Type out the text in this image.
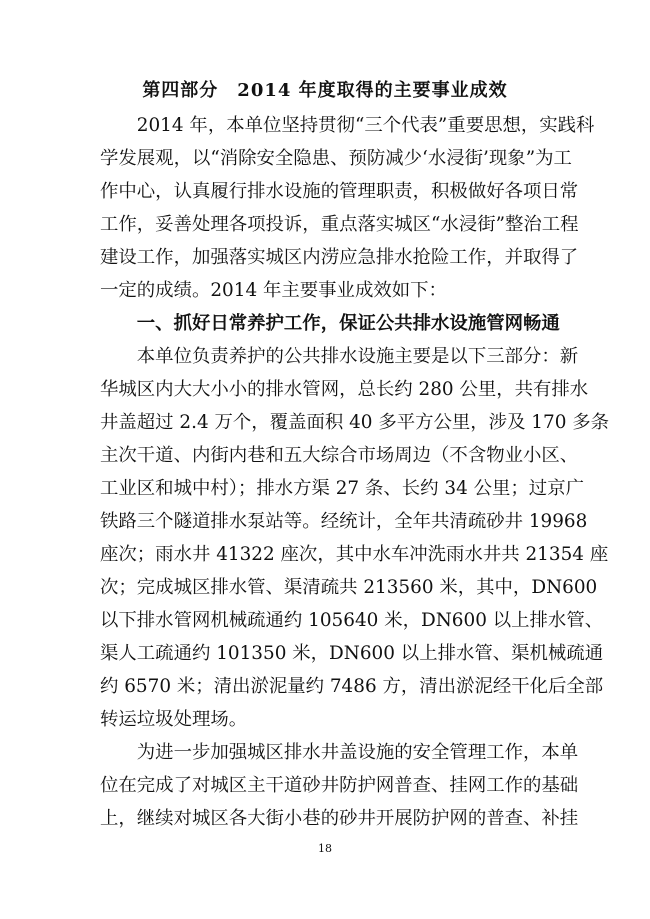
第四部分　2014 年度取得的主要事业成效
　　2014 年，本单位坚持贯彻“三个代表”重要思想，实践科
学发展观，以“消除安全隐患、预防减少‘水浸街’现象”为工
作中心，认真履行排水设施的管理职责，积极做好各项日常
工作，妥善处理各项投诉，重点落实城区“水浸街”整治工程
建设工作，加强落实城区内涝应急排水抢险工作，并取得了
一定的成绩。2014 年主要事业成效如下：
　　一、抓好日常养护工作，保证公共排水设施管网畅通
　　本单位负责养护的公共排水设施主要是以下三部分：新
华城区内大大小小的排水管网，总长约 280 公里，共有排水
井盖超过 2.4 万个，覆盖面积 40 多平方公里，涉及 170 多条
主次干道、内街内巷和五大综合市场周边（不含物业小区、
工业区和城中村）；排水方渠 27 条、长约 34 公里；过京广
铁路三个隧道排水泵站等。经统计，全年共清疏砂井 19968
座次；雨水井 41322 座次，其中水车冲洗雨水井共 21354 座
次；完成城区排水管、渠清疏共 213560 米，其中，DN600
以下排水管网机械疏通约 105640 米，DN600 以上排水管、
渠人工疏通约 101350 米，DN600 以上排水管、渠机械疏通
约 6570 米；清出淤泥量约 7486 方，清出淤泥经干化后全部
转运垃圾处理场。
　　为进一步加强城区排水井盖设施的安全管理工作，本单
位在完成了对城区主干道砂井防护网普查、挂网工作的基础
上，继续对城区各大街小巷的砂井开展防护网的普查、补挂
18
